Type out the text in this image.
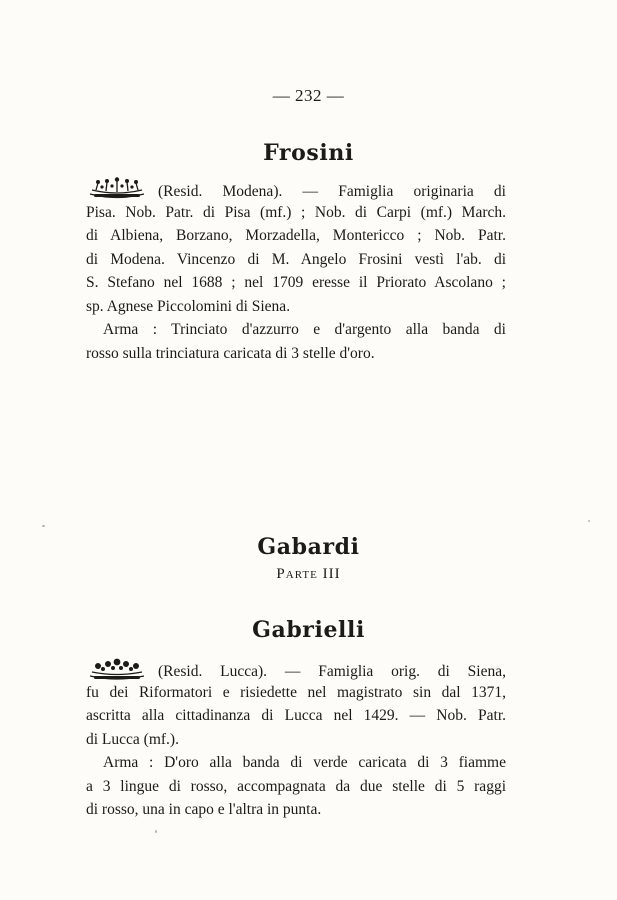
— 232 —
Frosini
(Resid. Modena). — Famiglia originaria di
Pisa. Nob. Patr. di Pisa (mf.) ; Nob. di Carpi (mf.) March.
di Albiena, Borzano, Morzadella, Montericco ; Nob. Patr.
di Modena. Vincenzo di M. Angelo Frosini vestì l'ab. di
S. Stefano nel 1688 ; nel 1709 eresse il Priorato Ascolano ;
sp. Agnese Piccolomini di Siena.
Arma : Trinciato d'azzurro e d'argento alla banda di
rosso sulla trinciatura caricata di 3 stelle d'oro.
Gabardi
Parte III
Gabrielli
(Resid. Lucca). — Famiglia orig. di Siena,
fu dei Riformatori e risiedette nel magistrato sin dal 1371,
ascritta alla cittadinanza di Lucca nel 1429. — Nob. Patr.
di Lucca (mf.).
Arma : D'oro alla banda di verde caricata di 3 fiamme
a 3 lingue di rosso, accompagnata da due stelle di 5 raggi
di rosso, una in capo e l'altra in punta.
